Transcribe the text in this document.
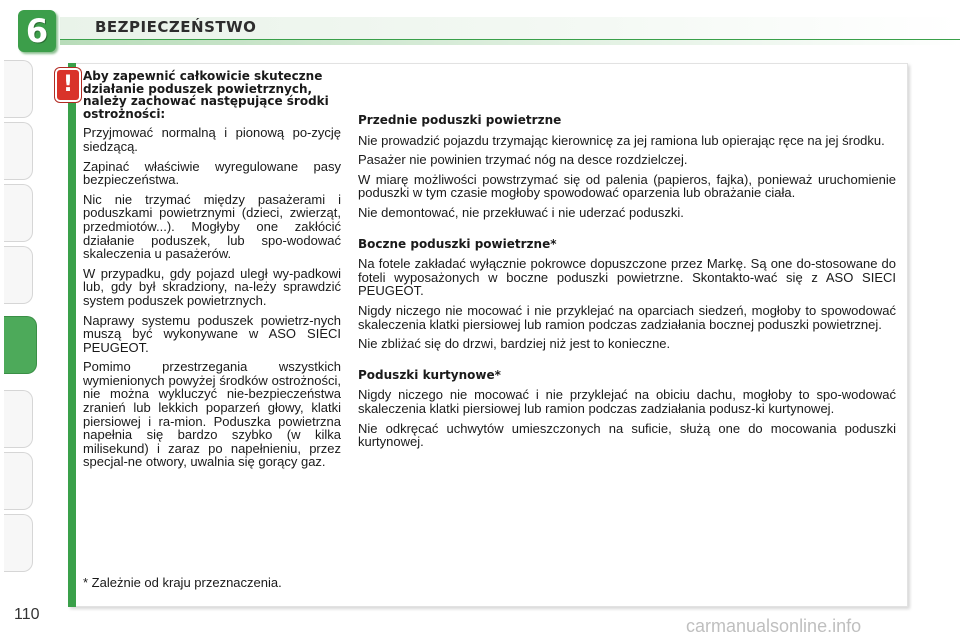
6	BEZPIECZEŃSTWO
! Aby zapewnić całkowicie skuteczne działanie poduszek powietrznych, należy zachować następujące środki ostrożności:

Przyjmować normalną i pionową po-zycję siedzącą.

Zapinać właściwie wyregulowane pasy bezpieczeństwa.

Nic nie trzymać między pasażerami i poduszkami powietrznymi (dzieci, zwierząt, przedmiotów...). Mogłyby one zakłócić działanie poduszek, lub spo-wodować skaleczenia u pasażerów.

W przypadku, gdy pojazd uległ wy-padkowi lub, gdy był skradziony, na-leży sprawdzić system poduszek powietrznych.

Naprawy systemu poduszek powietrz-nych muszą być wykonywane w ASO SIECI PEUGEOT.

Pomimo przestrzegania wszystkich wymienionych powyżej środków ostrożności, nie można wykluczyć nie-bezpieczeństwa zranień lub lekkich poparzeń głowy, klatki piersiowej i ra-mion. Poduszka powietrzna napełnia się bardzo szybko (w kilka milisekund) i zaraz po napełnieniu, przez specjal-ne otwory, uwalnia się gorący gaz.

* Zależnie od kraju przeznaczenia.
Przednie poduszki powietrzne

Nie prowadzić pojazdu trzymając kierownicę za jej ramiona lub opierając ręce na jej środku.

Pasażer nie powinien trzymać nóg na desce rozdzielczej.

W miarę możliwości powstrzymać się od palenia (papieros, fajka), ponieważ uruchomienie poduszki w tym czasie mogłoby spowodować oparzenia lub obrażanie ciała.

Nie demontować, nie przekłuwać i nie uderzać poduszki.

Boczne poduszki powietrzne*

Na fotele zakładać wyłącznie pokrowce dopuszczone przez Markę. Są one do-stosowane do foteli wyposażonych w boczne poduszki powietrzne. Skontakto-wać się z ASO SIECI PEUGEOT.

Nigdy niczego nie mocować i nie przyklejać na oparciach siedzeń, mogłoby to spowodować skaleczenia klatki piersiowej lub ramion podczas zadziałania bocznej poduszki powietrznej.

Nie zbliżać się do drzwi, bardziej niż jest to konieczne.

Poduszki kurtynowe*

Nigdy niczego nie mocować i nie przyklejać na obiciu dachu, mogłoby to spo-wodować skaleczenia klatki piersiowej lub ramion podczas zadziałania podusz-ki kurtynowej.

Nie odkręcać uchwytów umieszczonych na suficie, służą one do mocowania poduszki kurtynowej.

110
carmanualsonline.info
